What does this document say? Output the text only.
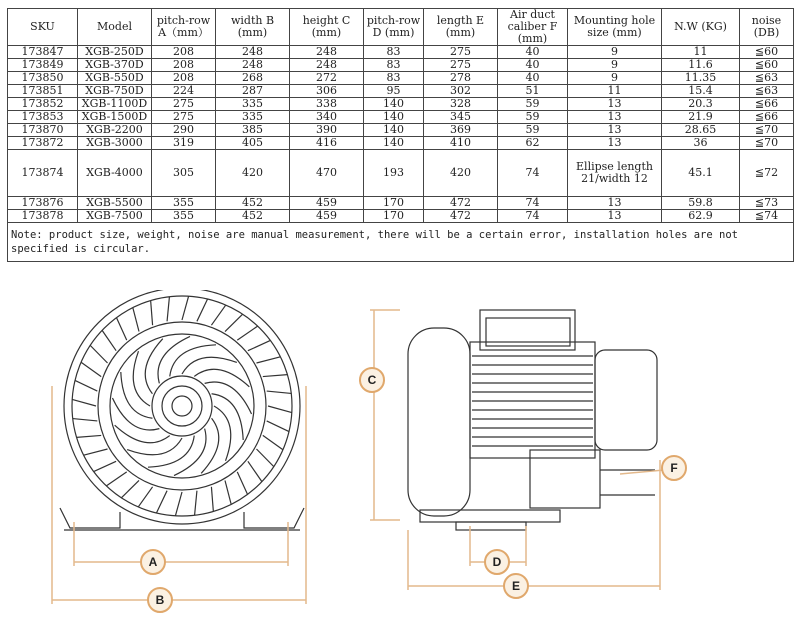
SKU	Model	pitch-row A（mm）	width B (mm)	height C (mm)	pitch-row D (mm)	length E (mm)	Air duct caliber F (mm)	Mounting hole size (mm)	N.W (KG)	noise (DB)
173847	XGB-250D	208	248	248	83	275	40	9	11	≦60
173849	XGB-370D	208	248	248	83	275	40	9	11.6	≦60
173850	XGB-550D	208	268	272	83	278	40	9	11.35	≦63
173851	XGB-750D	224	287	306	95	302	51	11	15.4	≦63
173852	XGB-1100D	275	335	338	140	328	59	13	20.3	≦66
173853	XGB-1500D	275	335	340	140	345	59	13	21.9	≦66
173870	XGB-2200	290	385	390	140	369	59	13	28.65	≦70
173872	XGB-3000	319	405	416	140	410	62	13	36	≦70
173874	XGB-4000	305	420	470	193	420	74	Ellipse length 21/width 12	45.1	≦72
173876	XGB-5500	355	452	459	170	472	74	13	59.8	≦73
173878	XGB-7500	355	452	459	170	472	74	13	62.9	≦74
Note: product size, weight, noise are manual measurement, there will be a certain error, installation holes are not specified is circular.										
A
B
C
F
D
E
